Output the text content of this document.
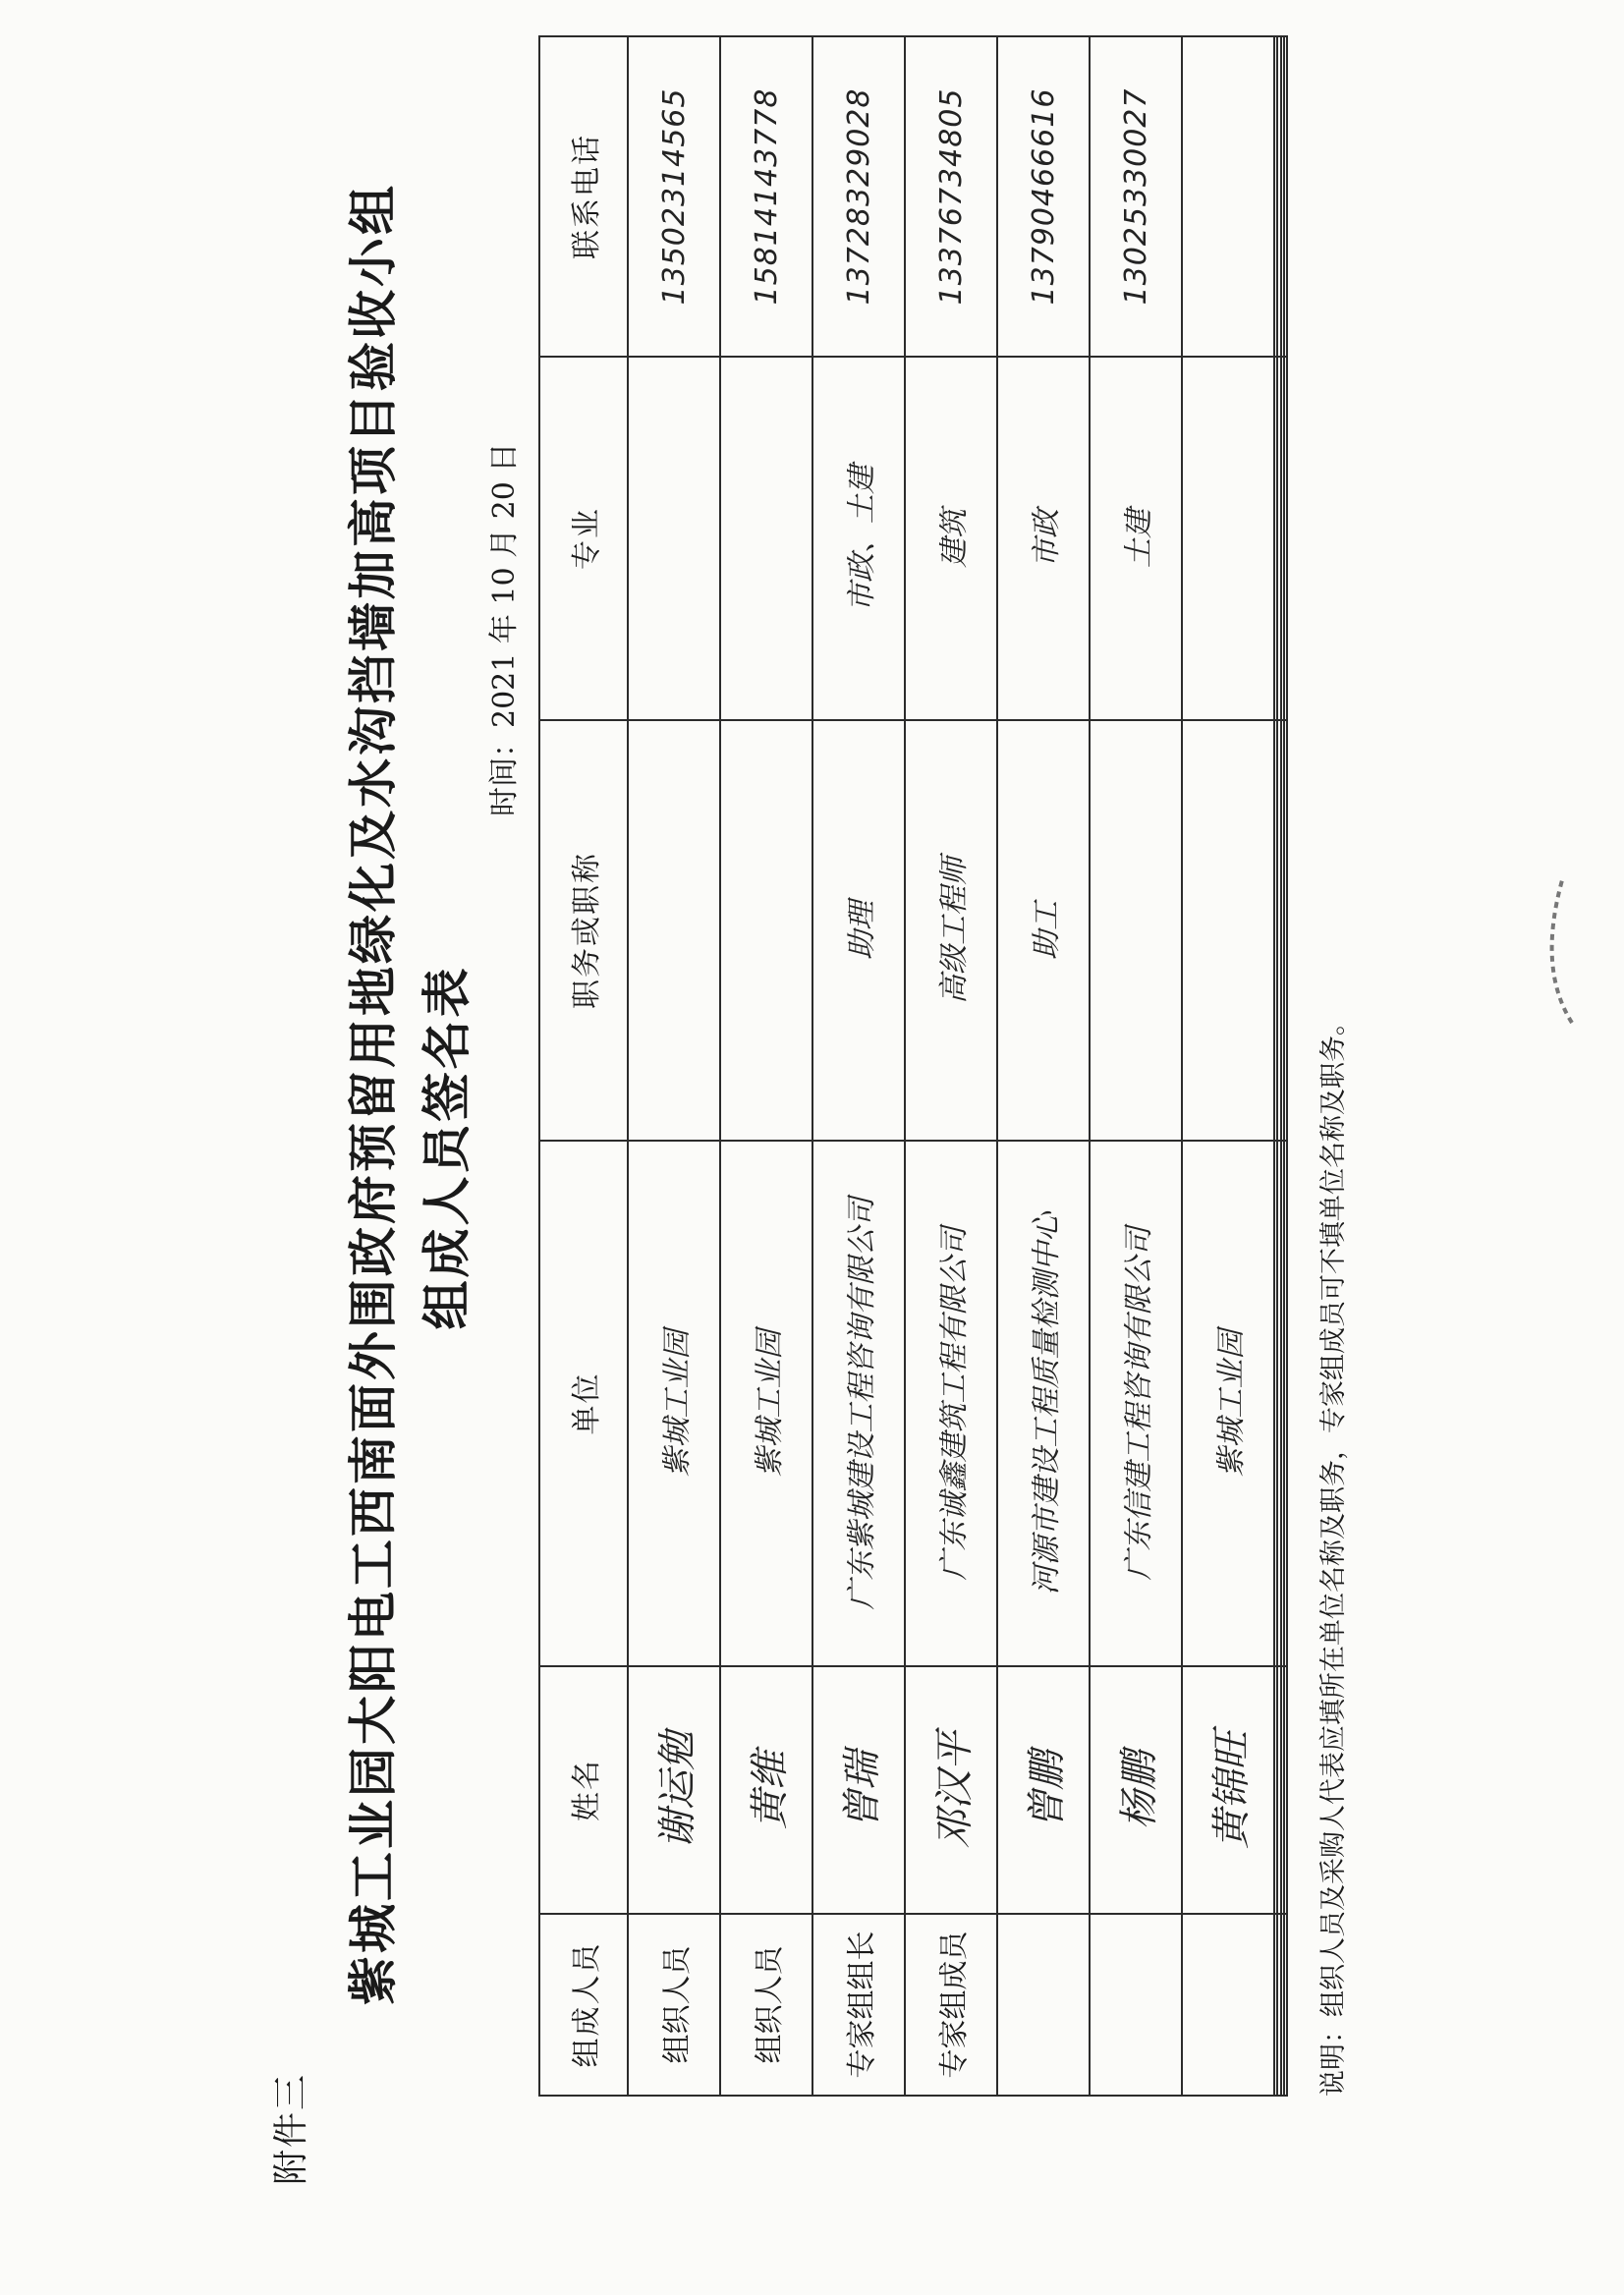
附件三
紫城工业园大阳电工西南面外围政府预留用地绿化及水沟挡墙加高项目验收小组 组成人员签名表
时间：2021 年 10 月 20 日
组成人员	姓名	单位	职务或职称	专业	联系电话
组织人员	谢运勉	紫城工业园			13502314565
组织人员	黄维	紫城工业园			15814143778
专家组组长	曾瑞	广东紫城建设工程咨询有限公司	助理	市政、土建	13728329028
专家组成员	邓汉平	广东诚鑫建筑工程有限公司	高级工程师	建筑	13376734805
	曾鹏	河源市建设工程质量检测中心	助工	市政	13790466616
	杨鹏	广东信建工程咨询有限公司		土建	13025330027
	黄锦旺	紫城工业园			

						说明：组织人员及采购人代表应填所在单位名称及职务，专家组成员可不填单位名称及职务。
